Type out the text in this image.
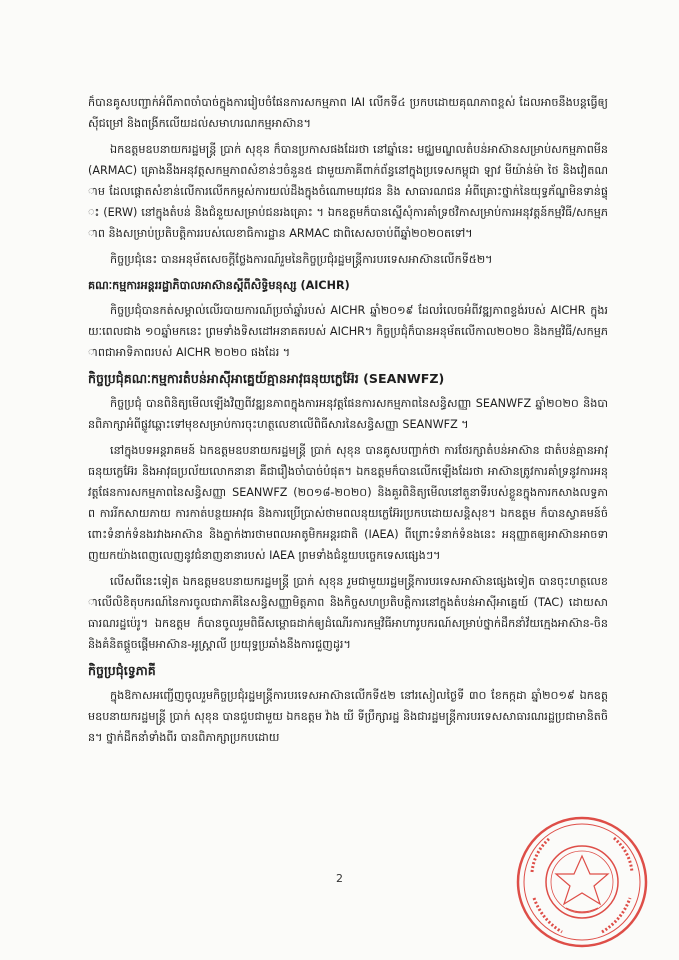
ក៏បានគូសបញ្ជាក់អំពីភាពចាំបាច់ក្នុងការរៀបចំផែនការសកម្មភាព IAI លើកទី៤ ប្រកបដោយគុណភាពខ្ពស់ ដែលអាចនឹងបន្តធ្វើឲ្យស៊ីជម្រៅ និងពង្រីកលើយដល់សមាហរណកម្មអាស៊ាន។

ឯកឧត្តមឧបនាយករដ្ឋមន្ត្រី ប្រាក់ សុខុន ក៏បានប្រកាសផងដែរថា នៅឆ្នាំនេះ មជ្ឈមណ្ឌលតំបន់អាស៊ានសម្រាប់សកម្មភាពមីន (ARMAC) គ្រោងនឹងអនុវត្តសកម្មភាពសំខាន់ៗចំនួន៥ ជាមួយភាគីពាក់ព័ន្ធនៅក្នុងប្រទេសកម្ពុជា ឡាវ មីយ៉ាន់ម៉ា ថៃ និងវៀតណាម ដែលផ្តោតសំខាន់លើការលើកកម្ពស់ការយល់ដឹងក្នុងចំណោមយុវជន និង សាធារណជន អំពីគ្រោះថ្នាក់នៃយុទ្ធភ័ណ្ឌមិនទាន់ផ្ទុះ (ERW) នៅក្នុងតំបន់ និងជំនួយសម្រាប់ជនរងគ្រោះ ។ ឯកឧត្តមក៏បានស្នើសុំការគាំទ្រថវិកាសម្រាប់ការអនុវត្តន៍កម្មវិធី/សកម្មភាព និងសម្រាប់ប្រតិបត្តិការរបស់លេខាធិការដ្ឋាន ARMAC ជាពិសេសចាប់ពីឆ្នាំ២០២០តទៅ។

កិច្ចប្រជុំនេះ បានអនុម័តសេចក្តីថ្លែងការណ៍រួមនៃកិច្ចប្រជុំរដ្ឋមន្ត្រីការបរទេសអាស៊ានលើកទី៥២។

គណៈកម្មការអន្តររដ្ឋាភិបាលអាស៊ានស្តីពីសិទ្ធិមនុស្ស (AICHR)

កិច្ចប្រជុំបានកត់សម្គាល់លើរបាយការណ៍ប្រចាំឆ្នាំរបស់ AICHR ឆ្នាំ២០១៩ ដែលរំលេចអំពីវឌ្ឍភាពខ្ទង់របស់ AICHR ក្នុងរយៈពេលជាង ១០ឆ្នាំមកនេះ ព្រមទាំងទិសដៅអនាគតរបស់ AICHR។ កិច្ចប្រជុំក៏បានអនុម័តលើកាល២០២០ និងកម្មវិធី/សកម្មភាពជាអាទិភាពរបស់ AICHR ២០២០ ផងដែរ ។

កិច្ចប្រជុំគណៈកម្មការតំបន់អាស៊ីអាគ្នេយ៍គ្មានអាវុធនុយក្លេអ៊ែរ (SEANWFZ)

កិច្ចប្រជុំ បានពិនិត្យមើលឡើងវិញពីវឌ្ឍនភាពក្នុងការអនុវត្តផែនការសកម្មភាពនៃសន្ធិសញ្ញា SEANWFZ ឆ្នាំ២០២០ និងបានពិភាក្សាអំពីផ្លូវឆ្ពោះទៅមុខសម្រាប់ការចុះហត្ថលេខាលើពិធីសារនៃសន្ធិសញ្ញា SEANWFZ ។

នៅក្នុងបទអន្តរាគមន៍ ឯកឧត្តមឧបនាយករដ្ឋមន្ត្រី ប្រាក់ សុខុន បានគូសបញ្ជាក់ថា ការថែរក្សាតំបន់អាស៊ាន ជាតំបន់គ្មានអាវុធនុយក្លេអ៊ែរ និងអាវុធប្រល័យលោកនានា គឺជារឿងចាំបាច់បំផុត។ ឯកឧត្តមក៏បានលើកឡើងដែរថា អាស៊ានត្រូវការគាំទ្រនូវការអនុវត្តផែនការសកម្មភាពនៃសន្ធិសញ្ញា SEANWFZ (២០១៨-២០២០) និងគួរពិនិត្យមើលនៅតួនាទីរបស់ខ្លួនក្នុងការកសាងលទ្ធភាព ការរីកសាយភាយ ការកាត់បន្ថយអាវុធ និងការប្រើប្រាស់ថាមពលនុយក្លេអ៊ែរប្រកបដោយសន្តិសុខ។ ឯកឧត្តម ក៏បានស្វាគមន៍ចំពោះទំនាក់ទំនងរវាងអាស៊ាន និងភ្នាក់ងារថាមពលអាតូមិកអន្តរជាតិ (IAEA) ពីព្រោះទំនាក់ទំនងនេះ អនុញ្ញាតឲ្យអាស៊ានអាចទាញយកយ៉ាងពេញលេញនូវជំនាញនានារបស់ IAEA ព្រមទាំងជំនួយបច្ចេកទេសផ្សេងៗ។

លើសពីនេះទៀត ឯកឧត្តមឧបនាយករដ្ឋមន្ត្រី ប្រាក់ សុខុន រួមជាមួយរដ្ឋមន្ត្រីការបរទេសអាស៊ានផ្សេងទៀត បានចុះហត្ថលេខាលើលិខិតុបករណ៍នៃការចូលជាភាគីនៃសន្ធិសញ្ញាមិត្តភាព និងកិច្ចសហប្រតិបត្តិការនៅក្នុងតំបន់អាស៊ីអាគ្នេយ៍ (TAC) ដោយសាធារណរដ្ឋប៉េរូ។ ឯកឧត្តម ក៏បានចូលរួមពិធីសម្ពោធដាក់ឲ្យដំណើរការកម្មវិធីអាហារូបករណ៍សម្រាប់ថ្នាក់ដឹកនាំវ័យក្មេងអាស៊ាន-ចិន និងគំនិតផ្តួចផ្តើមអាស៊ាន-អូស្ត្រាលី ប្រយុទ្ធប្រឆាំងនឹងការជួញដូរ។

កិច្ចប្រជុំទ្វេភាគី

ក្នុងឱកាសអញ្ជើញចូលរួមកិច្ចប្រជុំរដ្ឋមន្ត្រីការបរទេសអាស៊ានលើកទី៥២ នៅរសៀលថ្ងៃទី ៣០ ខែកក្កដា ឆ្នាំ២០១៩ ឯកឧត្តមឧបនាយករដ្ឋមន្ត្រី ប្រាក់ សុខុន បានជួបជាមួយ ឯកឧត្តម វ៉ាង យី ទីប្រឹក្សារដ្ឋ និងជារដ្ឋមន្ត្រីការបរទេសសាធារណរដ្ឋប្រជាមានិតចិន។ ថ្នាក់ដឹកនាំទាំងពីរ បានពិភាក្សាប្រកបដោយ

2
